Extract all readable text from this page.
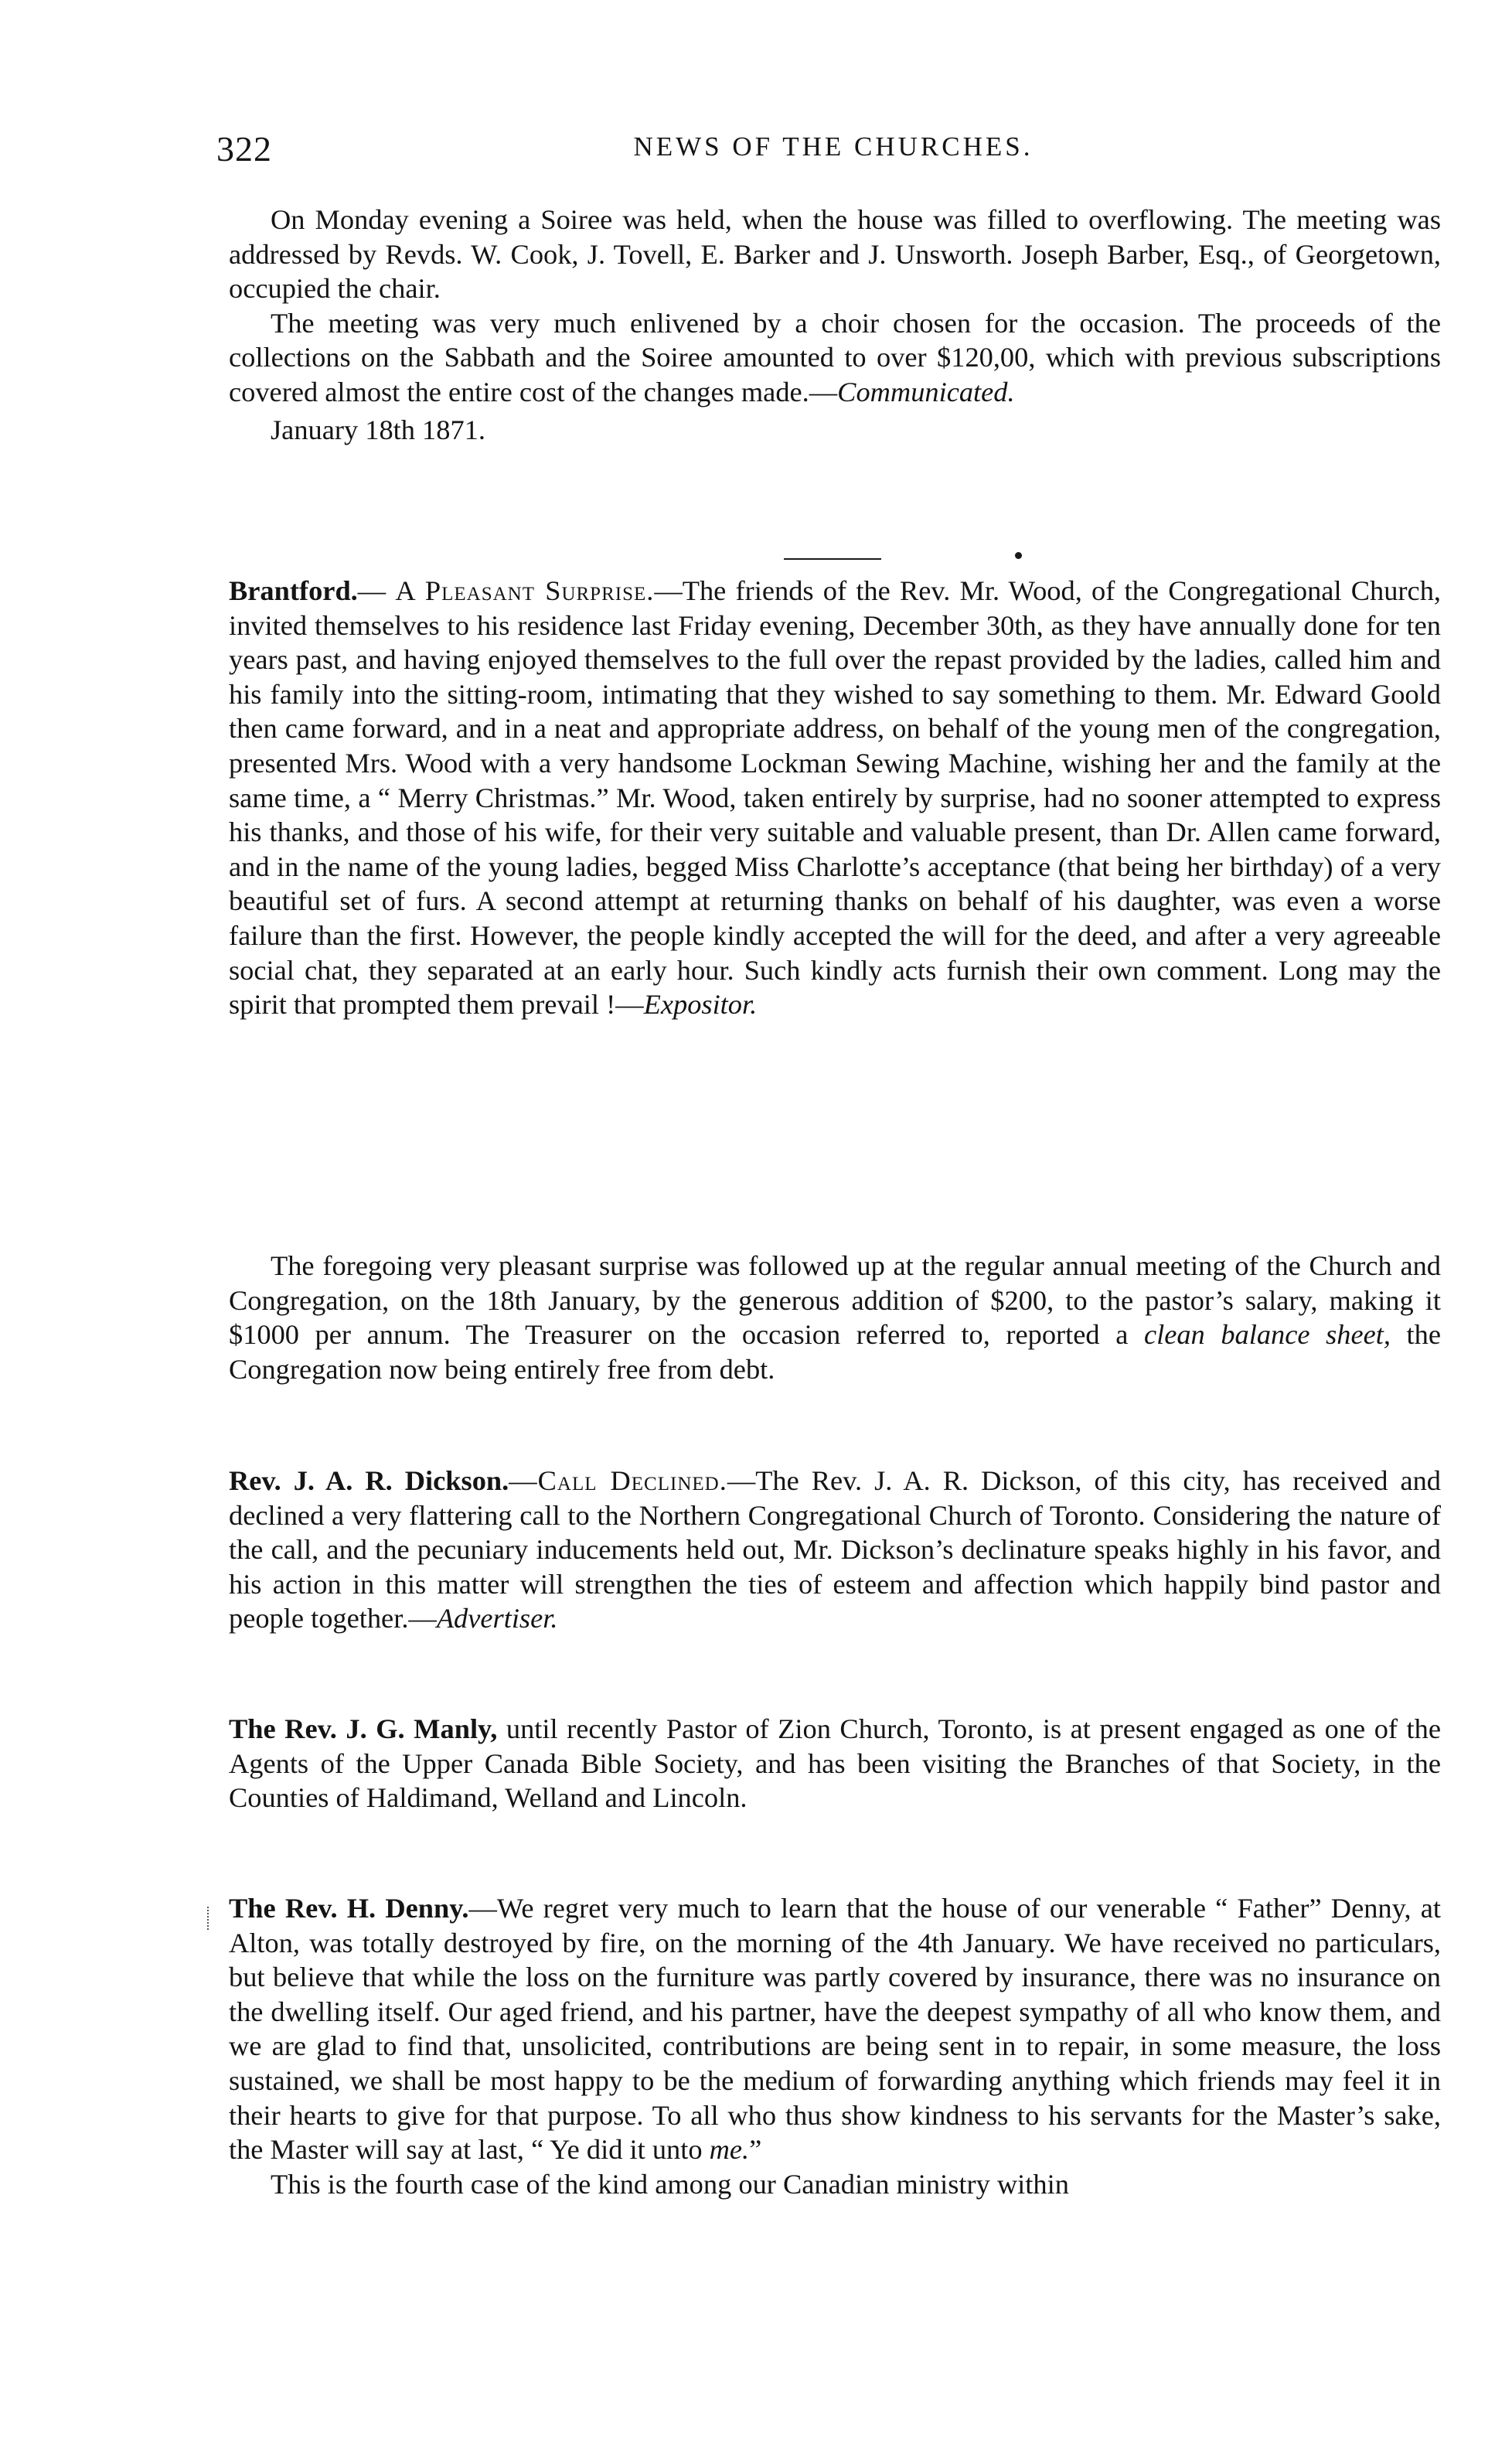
322	NEWS OF THE CHURCHES.

On Monday evening a Soiree was held, when the house was filled to overflowing. The meeting was addressed by Revds. W. Cook, J. Tovell, E. Barker and J. Unsworth. Joseph Barber, Esq., of Georgetown, occupied the chair.

The meeting was very much enlivened by a choir chosen for the occasion. The proceeds of the collections on the Sabbath and the Soiree amounted to over $120,00, which with previous subscriptions covered almost the entire cost of the changes made.—Communicated.

January 18th 1871.

Brantford.— A Pleasant Surprise.—The friends of the Rev. Mr. Wood, of the Congregational Church, invited themselves to his residence last Friday evening, December 30th, as they have annually done for ten years past, and having enjoyed themselves to the full over the repast provided by the ladies, called him and his family into the sitting-room, intimating that they wished to say something to them. Mr. Edward Goold then came forward, and in a neat and appropriate address, on behalf of the young men of the congregation, presented Mrs. Wood with a very handsome Lockman Sewing Machine, wishing her and the family at the same time, a “ Merry Christmas.” Mr. Wood, taken entirely by surprise, had no sooner attempted to express his thanks, and those of his wife, for their very suitable and valuable present, than Dr. Allen came forward, and in the name of the young ladies, begged Miss Charlotte’s acceptance (that being her birthday) of a very beautiful set of furs. A second attempt at returning thanks on behalf of his daughter, was even a worse failure than the first. However, the people kindly accepted the will for the deed, and after a very agreeable social chat, they separated at an early hour. Such kindly acts furnish their own comment. Long may the spirit that prompted them prevail !—Expositor.

The foregoing very pleasant surprise was followed up at the regular annual meeting of the Church and Congregation, on the 18th January, by the generous addition of $200, to the pastor’s salary, making it $1000 per annum. The Treasurer on the occasion referred to, reported a clean balance sheet, the Congregation now being entirely free from debt.

Rev. J. A. R. Dickson.—Call Declined.—The Rev. J. A. R. Dickson, of this city, has received and declined a very flattering call to the Northern Congregational Church of Toronto. Considering the nature of the call, and the pecuniary inducements held out, Mr. Dickson’s declinature speaks highly in his favor, and his action in this matter will strengthen the ties of esteem and affection which happily bind pastor and people together.—Advertiser.

The Rev. J. G. Manly, until recently Pastor of Zion Church, Toronto, is at present engaged as one of the Agents of the Upper Canada Bible Society, and has been visiting the Branches of that Society, in the Counties of Haldimand, Welland and Lincoln.

The Rev. H. Denny.—We regret very much to learn that the house of our venerable “ Father” Denny, at Alton, was totally destroyed by fire, on the morning of the 4th January. We have received no particulars, but believe that while the loss on the furniture was partly covered by insurance, there was no insurance on the dwelling itself. Our aged friend, and his partner, have the deepest sympathy of all who know them, and we are glad to find that, unsolicited, contributions are being sent in to repair, in some measure, the loss sustained, we shall be most happy to be the medium of forwarding anything which friends may feel it in their hearts to give for that purpose. To all who thus show kindness to his servants for the Master’s sake, the Master will say at last, “ Ye did it unto me.”

This is the fourth case of the kind among our Canadian ministry within
